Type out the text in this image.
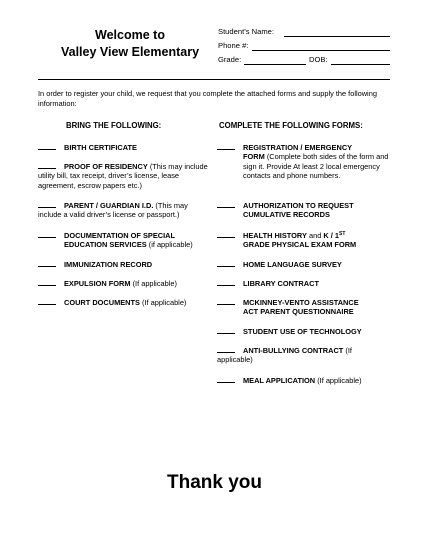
Welcome to
Valley View Elementary
Student’s Name:
Phone #:
Grade:	DOB:
In order to register your child, we request that you complete the attached forms and supply the following information:
BRING THE FOLLOWING:	COMPLETE THE FOLLOWING FORMS:
BIRTH CERTIFICATE
PROOF OF RESIDENCY (This may include utility bill, tax receipt, driver’s license, lease agreement, escrow papers etc.)
PARENT / GUARDIAN I.D. (This may include a valid driver’s license or passport.)
DOCUMENTATION OF SPECIAL
EDUCATION SERVICES (if applicable)
IMMUNIZATION RECORD
EXPULSION FORM (If applicable)
COURT DOCUMENTS (If applicable)
REGISTRATION / EMERGENCY

FORM (Complete both sides of the form and sign it. Provide At least 2 local emergency contacts and phone numbers.
AUTHORIZATION TO REQUEST
CUMULATIVE RECORDS
HEALTH HISTORY and K / 1ST
GRADE PHYSICAL EXAM FORM
HOME LANGUAGE SURVEY
LIBRARY CONTRACT
MCKINNEY-VENTO ASSISTANCE
ACT PARENT QUESTIONNAIRE
STUDENT USE OF TECHNOLOGY
ANTI-BULLYING CONTRACT (If applicable)
MEAL APPLICATION (If applicable)
Thank you
